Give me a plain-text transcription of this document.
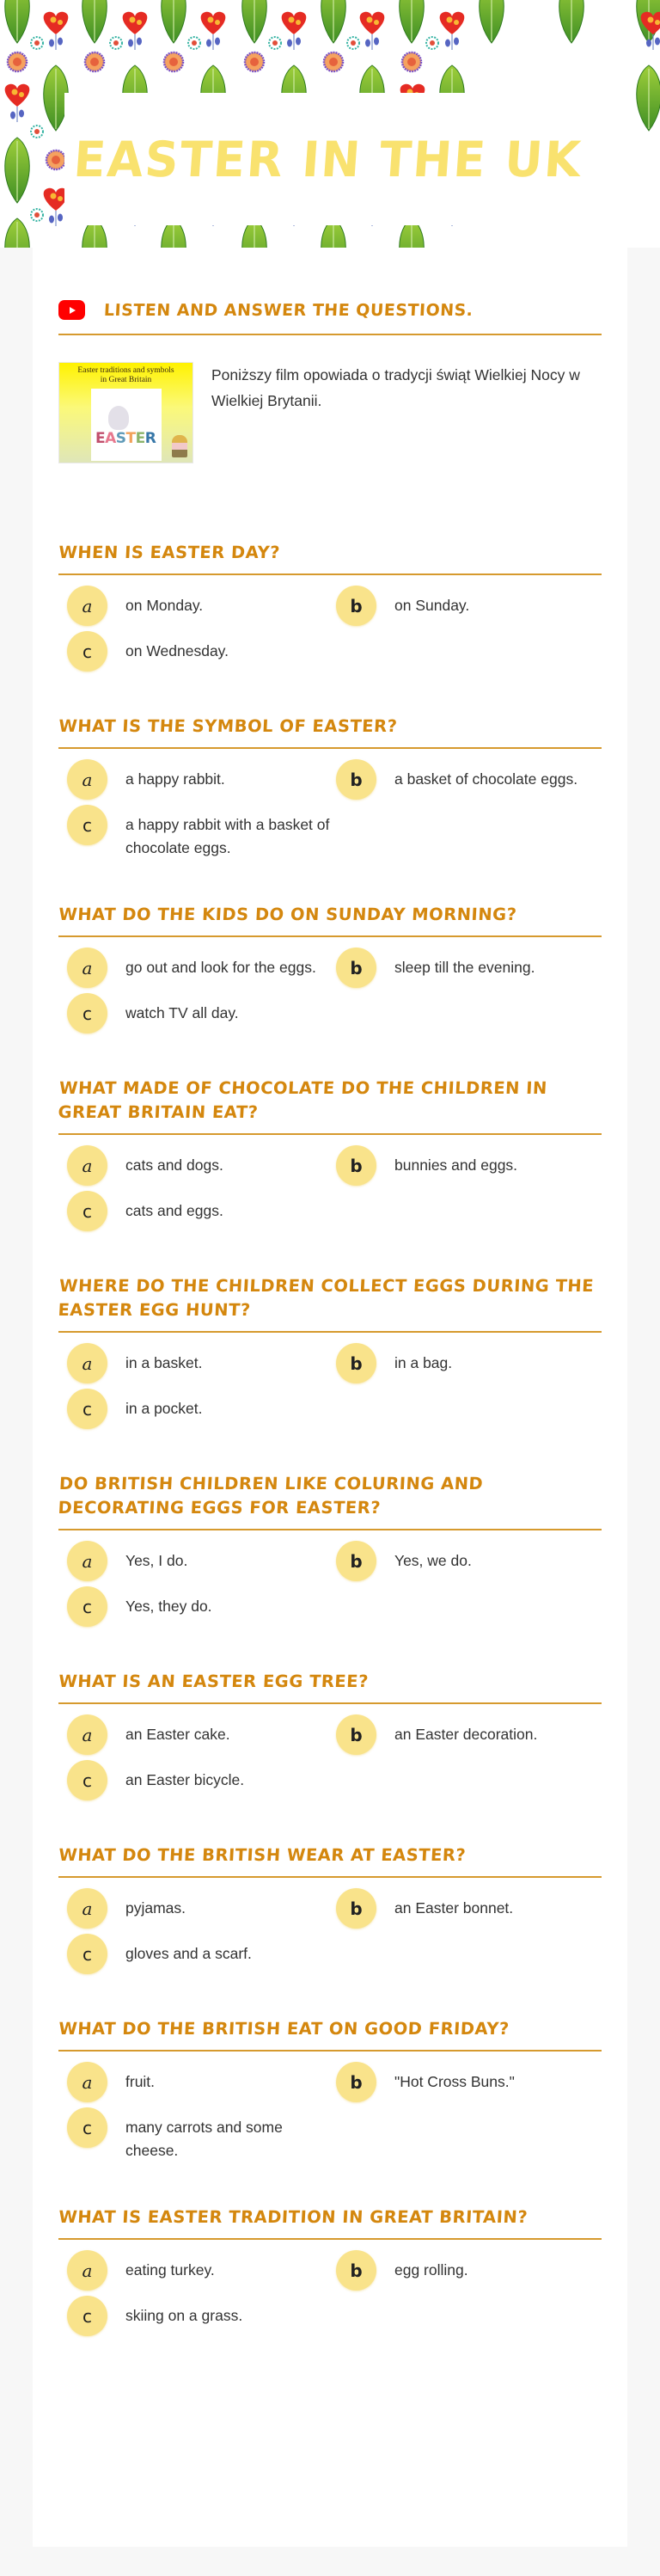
EASTER IN THE UK
LISTEN AND ANSWER THE QUESTIONS.
Easter traditions and symbols
in Great Britain
EASTER

Poniższy film opowiada o tradycji świąt Wielkiej Nocy w Wielkiej Brytanii.

WHEN IS EASTER DAY?
a	on Monday.	b	on Sunday.
c	on Wednesday.
WHAT IS THE SYMBOL OF EASTER?
a	a happy rabbit.	b	a basket of chocolate eggs.
c	a happy rabbit with a basket of chocolate eggs.
WHAT DO THE KIDS DO ON SUNDAY MORNING?
a	go out and look for the eggs.	b	sleep till the evening.
c	watch TV all day.
WHAT MADE OF CHOCOLATE DO THE CHILDREN IN GREAT BRITAIN EAT?
a	cats and dogs.	b	bunnies and eggs.
c	cats and eggs.
WHERE DO THE CHILDREN COLLECT EGGS DURING THE EASTER EGG HUNT?
a	in a basket.	b	in a bag.
c	in a pocket.
DO BRITISH CHILDREN LIKE COLURING AND DECORATING EGGS FOR EASTER?
a	Yes, I do.	b	Yes, we do.
c	Yes, they do.
WHAT IS AN EASTER EGG TREE?
a	an Easter cake.	b	an Easter decoration.
c	an Easter bicycle.
WHAT DO THE BRITISH WEAR AT EASTER?
a	pyjamas.	b	an Easter bonnet.
c	gloves and a scarf.
WHAT DO THE BRITISH EAT ON GOOD FRIDAY?
a	fruit.	b	"Hot Cross Buns."
c	many carrots and some cheese.
WHAT IS EASTER TRADITION IN GREAT BRITAIN?
a	eating turkey.	b	egg rolling.
c	skiing on a grass.
